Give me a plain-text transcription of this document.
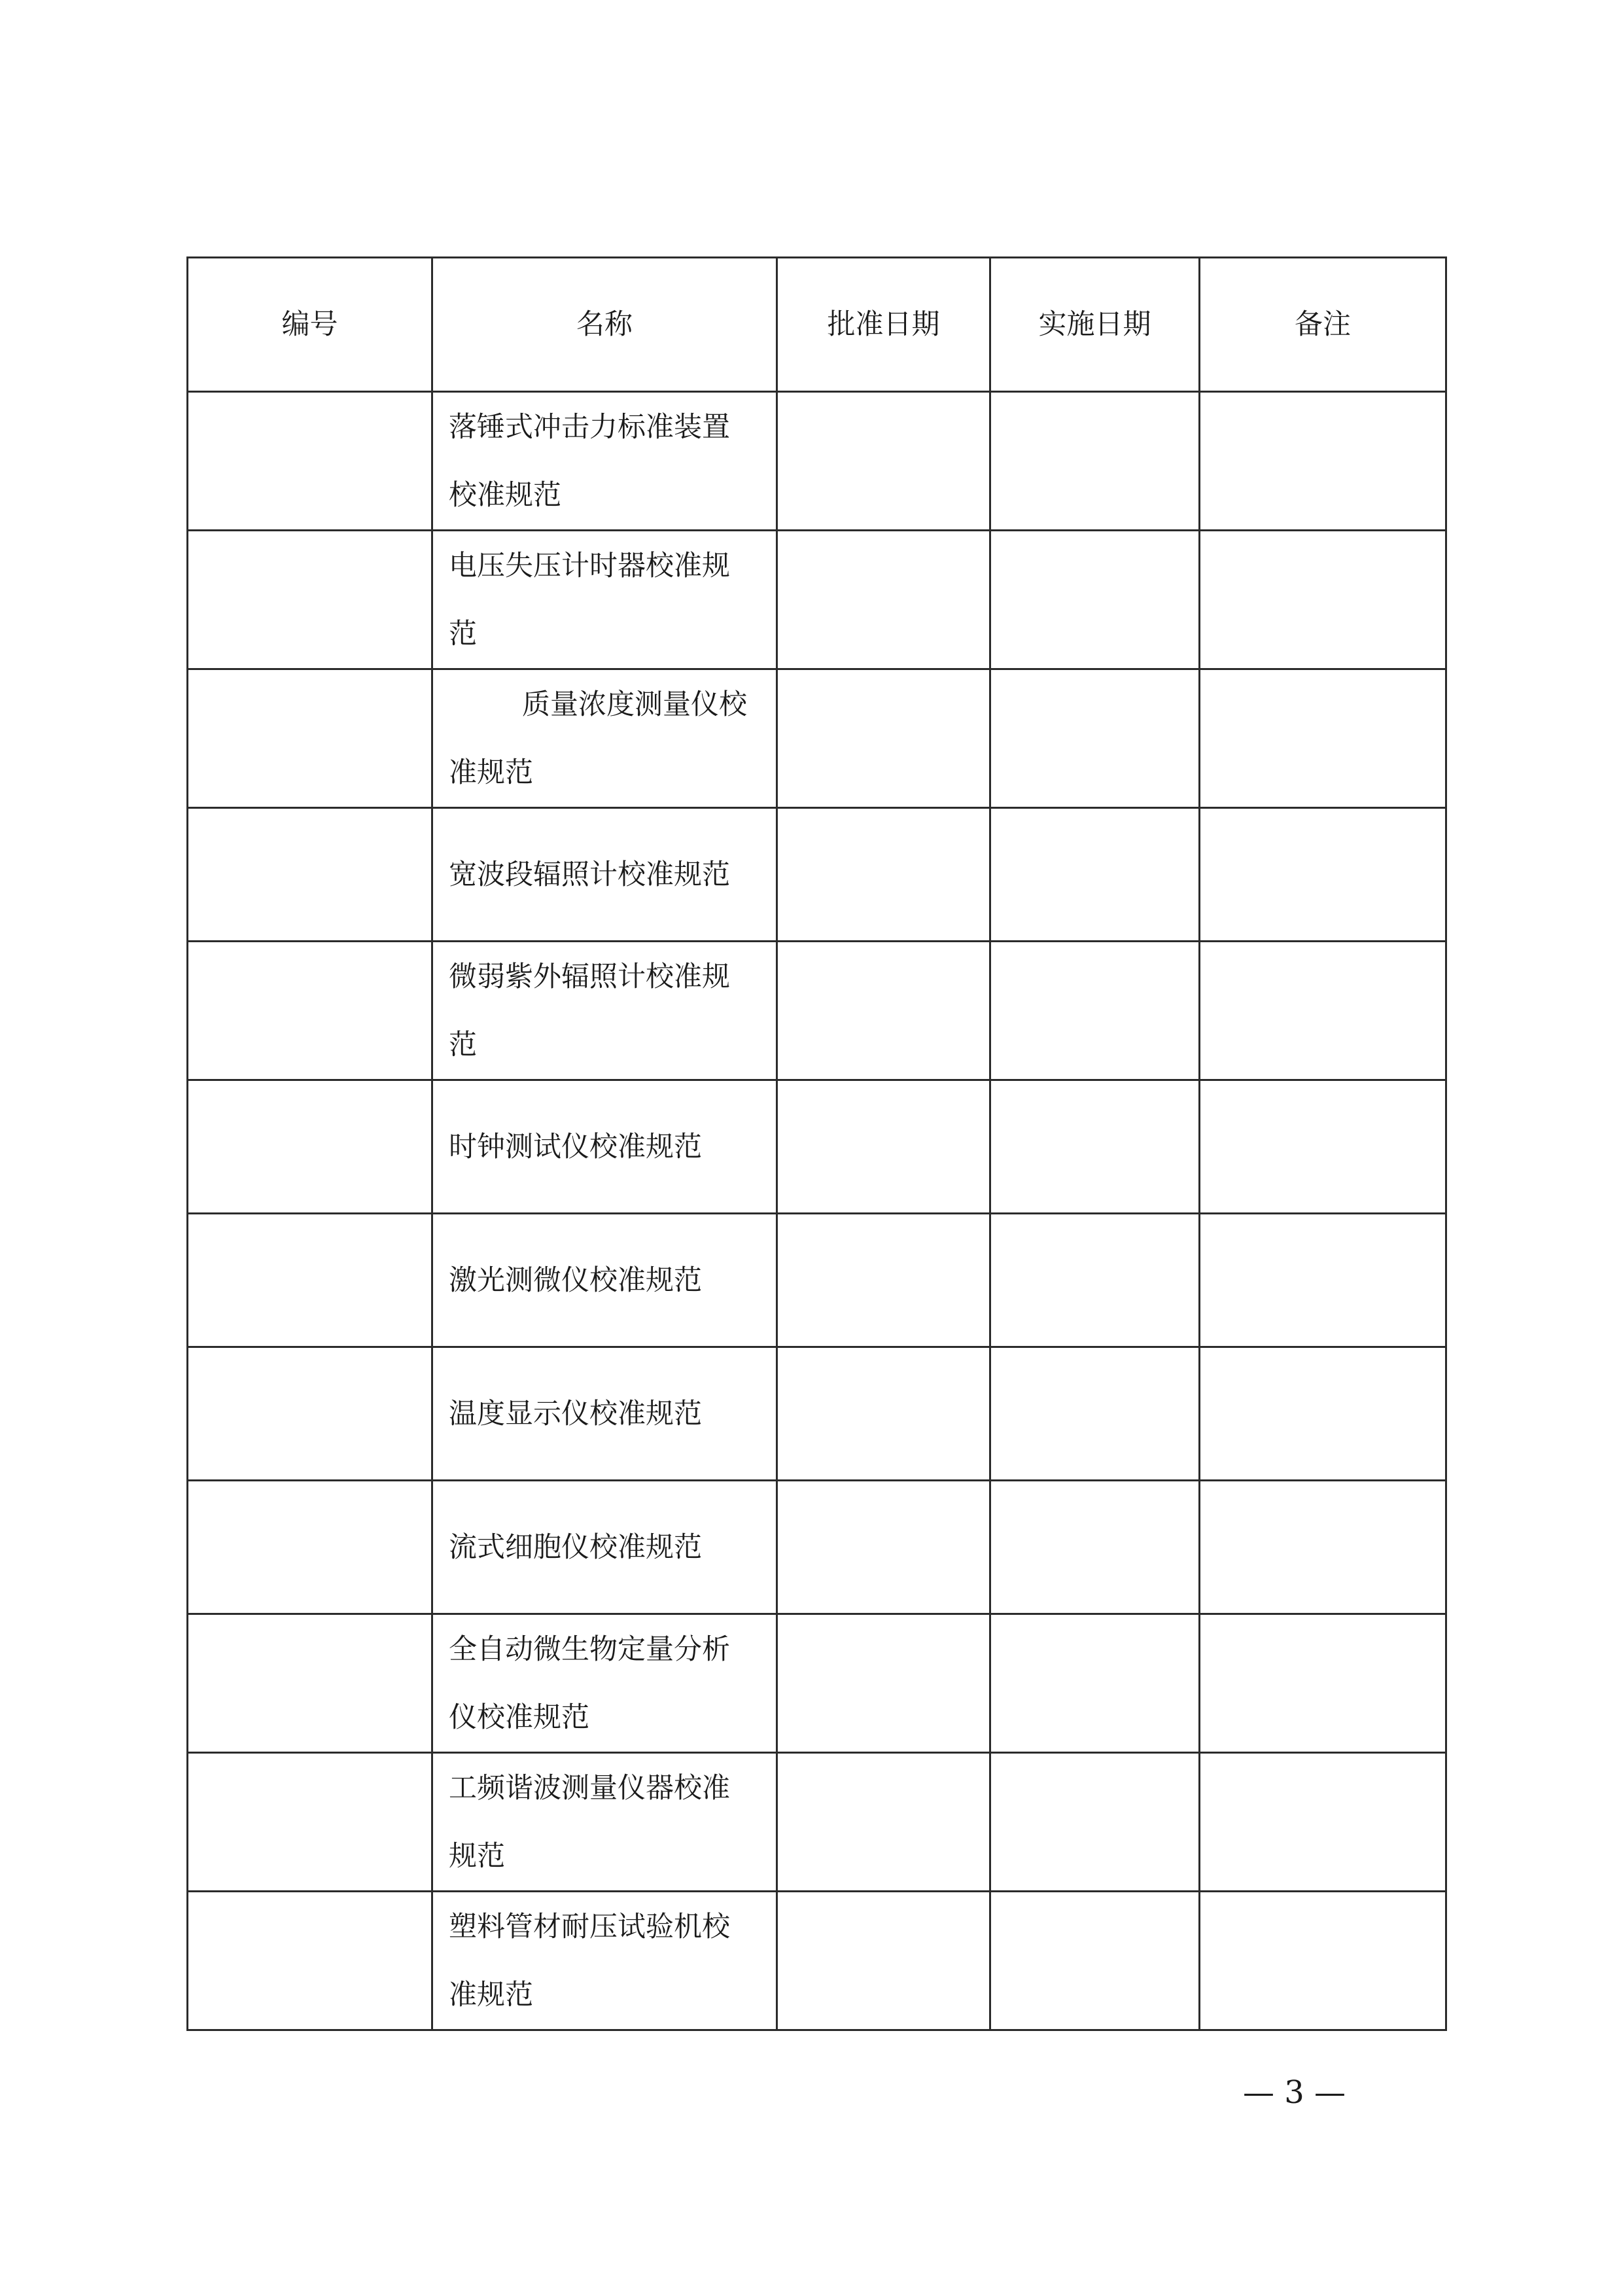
编号	名称	批准日期	实施日期	备注

	落锤式冲击力标准装置
校准规范			

	电压失压计时器校准规
范			

	质量浓度测量仪校
准规范			

	宽波段辐照计校准规范			

	微弱紫外辐照计校准规
范			

	时钟测试仪校准规范			

	激光测微仪校准规范			

	温度显示仪校准规范			

	流式细胞仪校准规范			

	全自动微生物定量分析
仪校准规范			

	工频谐波测量仪器校准
规范			

	塑料管材耐压试验机校
准规范			

— 3 —
